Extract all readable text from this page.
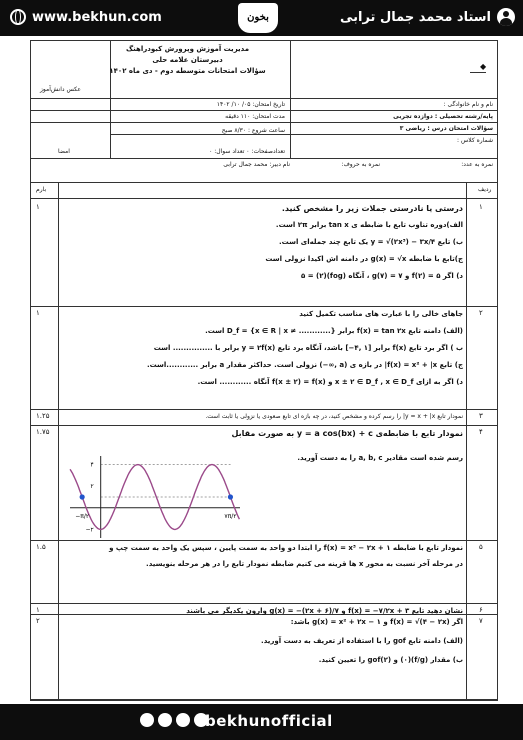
www.bekhun.com	بخون	استاد محمد جمال ترابی
مدیریت آموزش وپرورش کبودراهنگ
دبیرستان علامه حلی
سؤالات امتحانات متوسطه دوم - دی ماه ۱۴۰۲	◆
عکس دانش‌آموز
نام و نام خانوادگی :
پایه/رشته تحصیلی : دوازده تجربی
سؤالات امتحان درس : ریاضی ۳
شماره کلاس :
نمره به عدد:
تاریخ امتحان: ۰۵/ ۱۰/ ۱۴۰۲
مدت امتحان: ۱۱۰ دقیقه
ساعت شروع : ۸/۳۰ صبح
تعدادصفحات: ۰ تعداد سوال: ۰
امضا
نام دبیر: محمد جمال ترابی	نمره به حروف:
ردیف
بارم
۱
۱	درستی یا نادرستی جملات زیر را مشخص کنید.
الف)دوره تناوب تابع با ضابطه ی tan x برابر ۲π است.
ب) تابع y = √(۲x³) − ۳x/۴ یک تابع چند جمله‌ای است.
ج)تابع با ضابطه g(x) = √x در دامنه اش اکیدا نزولی است
د) اگر f(۲) = ۵ و g(۷) = ۷ ، آنگاه (fog)(۲) = ۵
۲
۱	جاهای خالی را با عبارت های مناسب تکمیل کنید
(الف) دامنه تابع f(x) = tan ۲x برابر D_f = {x ∈ R | x ≠ ............} است.
ب ) اگر برد تابع f(x) برابر [۱ ,۴−] باشد، آنگاه برد تابع y = ۲f(x) برابر با ............... است
ج) تابع f(x) = x² + |x| در بازه ی (a ,∞−) نزولی است. حداکثر مقدار a برابر ............است.
د) اگر به ازای x ± ۲ ∈ D_f , x ∈ D_f و f(x ± ۲) = f(x) آنگاه ............ است.
۳
۱.۲۵	نمودار تابع y = x + |x| را رسم کرده و مشخص کنید، در چه بازه ای تابع صعودی یا نزولی یا ثابت است.
۴
۱.۷۵	نمودار تابع با ضابطه‌ی y = a cos(bx) + c به صورت مقابل
رسم شده است مقادیر a, b, c را به دست آورید.
۵
۱.۵	نمودار تابع با ضابطه f(x) = x³ − ۲x + ۱ را ابتدا دو واحد به سمت پایین ، سپس یک واحد به سمت چپ و
در مرحله آخر نسبت به محور x ها قرینه می کنیم ضابطه نمودار تابع را در هر مرحله بنویسید.
۶
۱	نشان دهید تابع f(x) = −۷/۲x + ۳ و g(x) = −(۲x + ۶)/۷ وارون یکدیگر می باشند
۷
۲	اگر f(x) = √(۴ − ۲x) و g(x) = x² + ۲x − ۱ باشد:
(الف) دامنه تابع gof را با استفاده از تعریف به دست آورید.
ب) مقدار (f/g)(۰) و gof(۲) را تعیین کنید.
۴
۲
−۲
−π/۲	۷π/۲
bekhunofficial
